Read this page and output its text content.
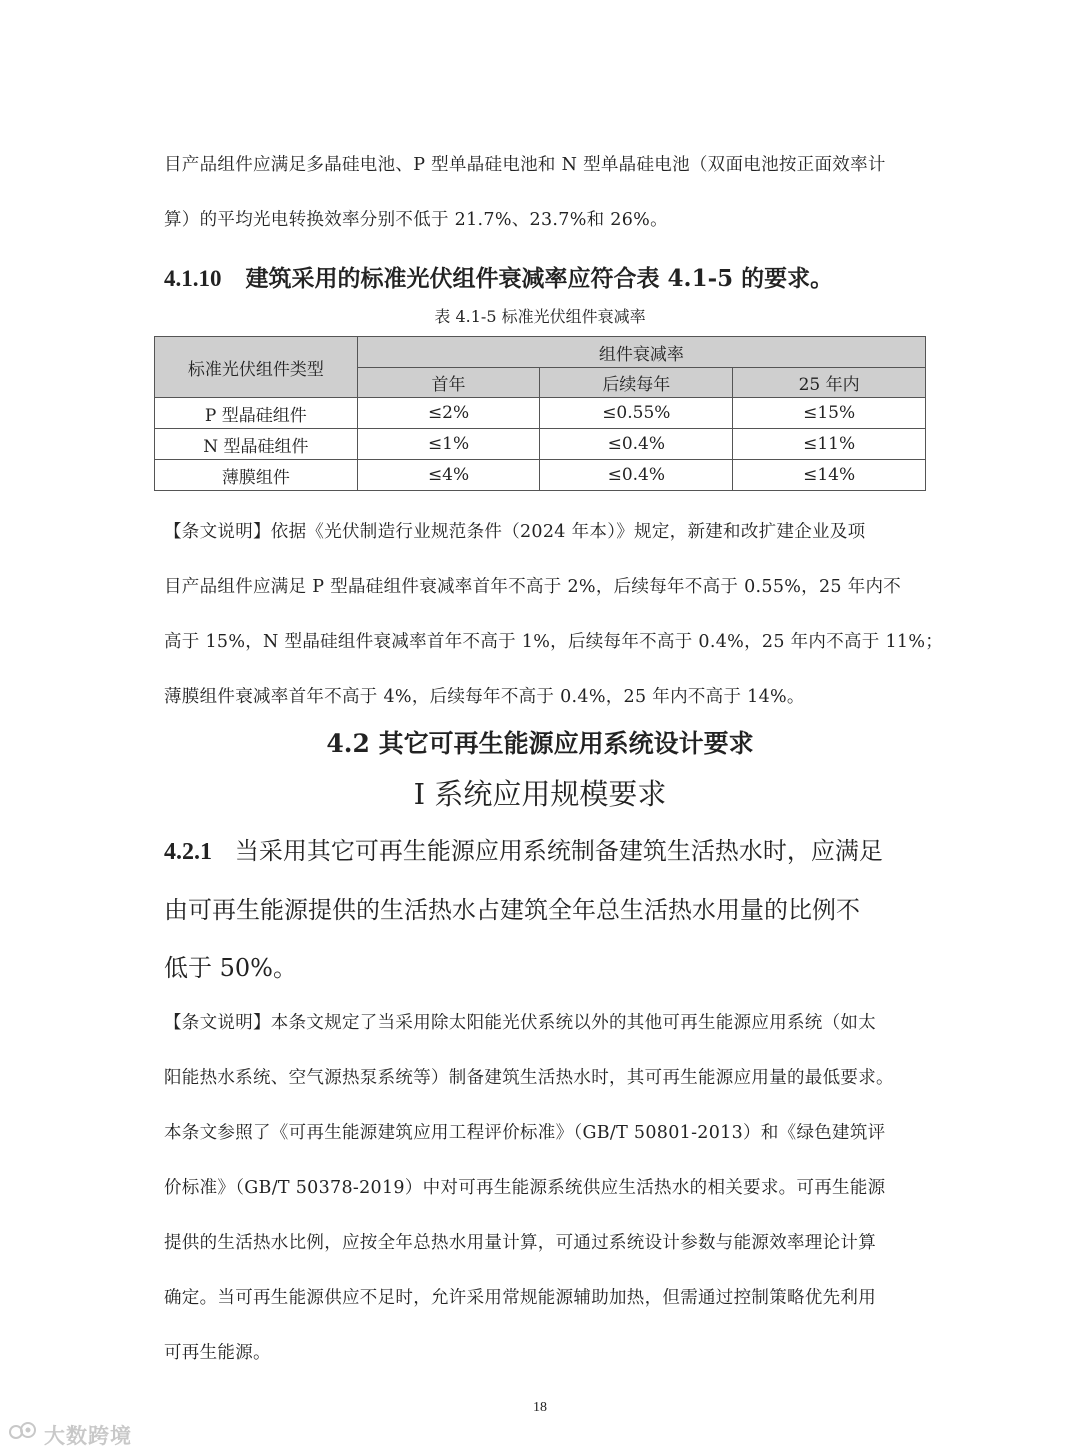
目产品组件应满足多晶硅电池、P 型单晶硅电池和 N 型单晶硅电池（双面电池按正面效率计
算）的平均光电转换效率分别不低于 21.7%、23.7%和 26%。
4.1.10 建筑采用的标准光伏组件衰减率应符合表 4.1-5 的要求。
表 4.1-5 标准光伏组件衰减率
标准光伏组件类型	组件衰减率		
	首年	后续每年	25 年内
P 型晶硅组件	≤2%	≤0.55%	≤15%
N 型晶硅组件	≤1%	≤0.4%	≤11%
薄膜组件	≤4%	≤0.4%	≤14%
【条文说明】依据《光伏制造行业规范条件（2024 年本）》规定，新建和改扩建企业及项
目产品组件应满足 P 型晶硅组件衰减率首年不高于 2%，后续每年不高于 0.55%，25 年内不
高于 15%，N 型晶硅组件衰减率首年不高于 1%，后续每年不高于 0.4%，25 年内不高于 11%；
薄膜组件衰减率首年不高于 4%，后续每年不高于 0.4%，25 年内不高于 14%。
4.2 其它可再生能源应用系统设计要求
Ⅰ 系统应用规模要求
4.2.1 当采用其它可再生能源应用系统制备建筑生活热水时，应满足
由可再生能源提供的生活热水占建筑全年总生活热水用量的比例不
低于 50%。
【条文说明】本条文规定了当采用除太阳能光伏系统以外的其他可再生能源应用系统（如太
阳能热水系统、空气源热泵系统等）制备建筑生活热水时，其可再生能源应用量的最低要求。
本条文参照了《可再生能源建筑应用工程评价标准》（GB/T 50801-2013）和《绿色建筑评
价标准》（GB/T 50378-2019）中对可再生能源系统供应生活热水的相关要求。可再生能源
提供的生活热水比例，应按全年总热水用量计算，可通过系统设计参数与能源效率理论计算
确定。当可再生能源供应不足时，允许采用常规能源辅助加热，但需通过控制策略优先利用
可再生能源。
18
大数跨境
